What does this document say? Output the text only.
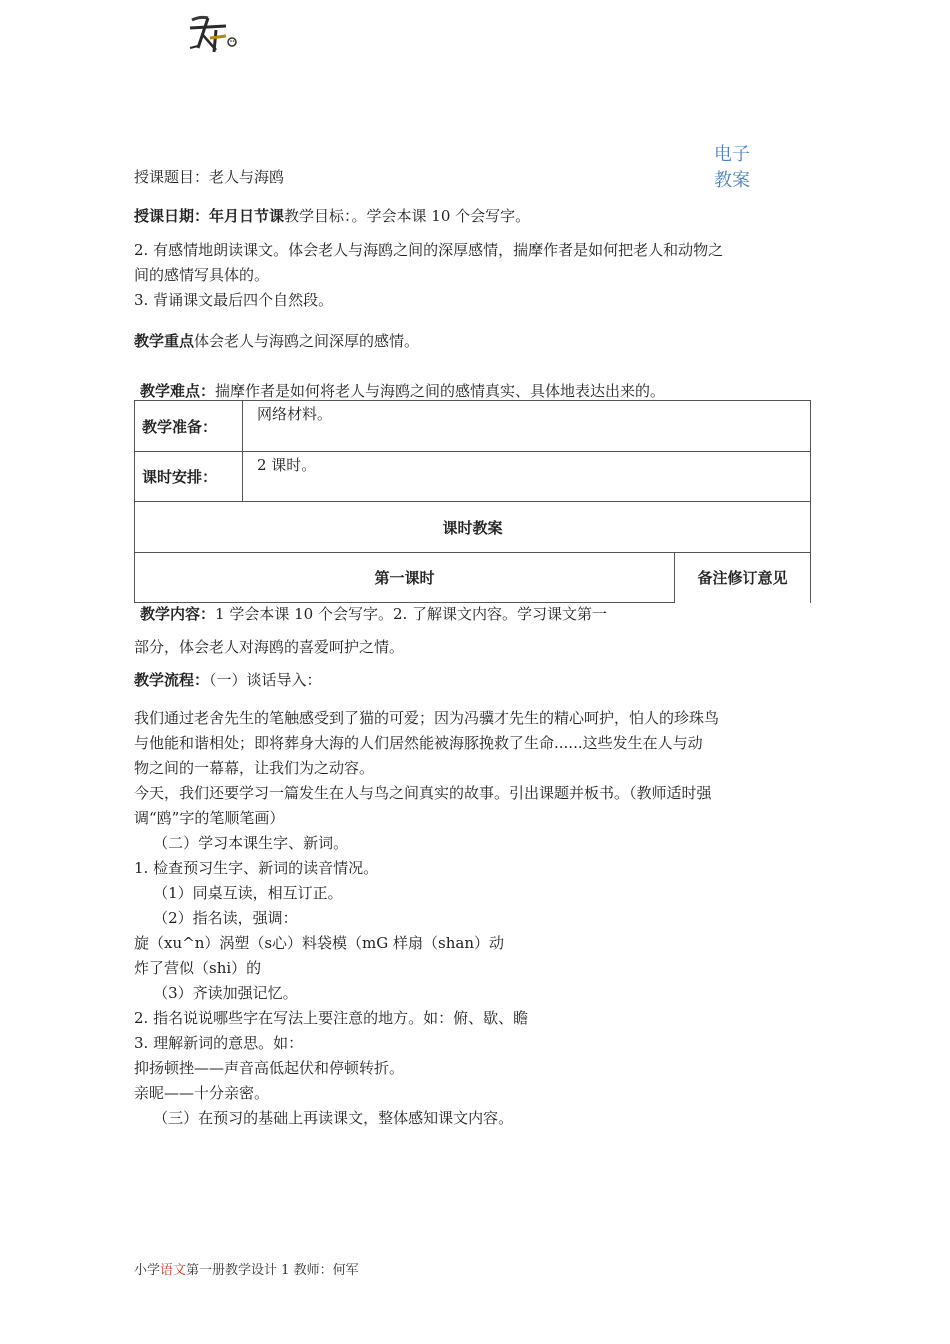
电子
教案
授课题目：老人与海鸥
授课日期：年月日节课教学目标：。学会本课 10 个会写字。
2. 有感情地朗读课文。体会老人与海鸥之间的深厚感情，揣摩作者是如何把老人和动物之
间的感情写具体的。
3. 背诵课文最后四个自然段。
教学重点体会老人与海鸥之间深厚的感情。
教学难点：揣摩作者是如何将老人与海鸥之间的感情真实、具体地表达出来的。
教学准备：	网络材料。	
课时安排：	2 课时。	
课时教案		
第一课时		备注修订意见
教学内容：1 学会本课 10 个会写字。2. 了解课文内容。学习课文第一
部分，体会老人对海鸥的喜爱呵护之情。
教学流程：（一）谈话导入：
我们通过老舍先生的笔触感受到了猫的可爱；因为冯骥才先生的精心呵护，怕人的珍珠鸟
与他能和谐相处；即将葬身大海的人们居然能被海豚挽救了生命......这些发生在人与动
物之间的一幕幕，让我们为之动容。
今天，我们还要学习一篇发生在人与鸟之间真实的故事。引出课题并板书。（教师适时强
调“鸥”字的笔顺笔画）
（二）学习本课生字、新词。
1. 检查预习生字、新词的读音情况。
（1）同桌互读，相互订正。
（2）指名读，强调：
旋（xu^n）涡塑（s心）料袋模（mG 样扇（shan）动
炸了营似（shi）的
（3）齐读加强记忆。
2. 指名说说哪些字在写法上要注意的地方。如：俯、歇、瞻
3. 理解新词的意思。如：
抑扬顿挫——声音高低起伏和停顿转折。
亲昵——十分亲密。
（三）在预习的基础上再读课文，整体感知课文内容。
小学语文第一册教学设计 1 教师：何军
